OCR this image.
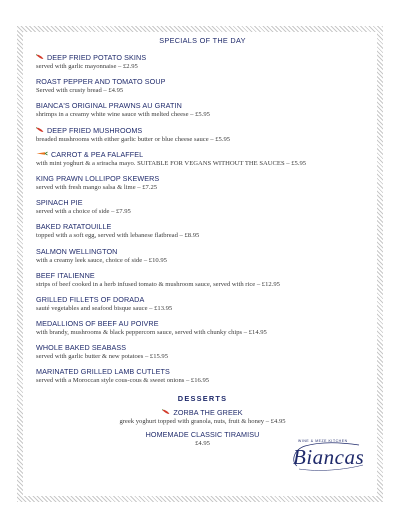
SPECIALS OF THE DAY
DEEP FRIED POTATO SKINS
served with garlic mayonnaise – £2.95
ROAST PEPPER AND TOMATO SOUP
Served with crusty bread – £4.95
BIANCA'S ORIGINAL PRAWNS AU GRATIN
shrimps in a creamy white wine sauce with melted cheese – £5.95
DEEP FRIED MUSHROOMS
breaded mushrooms with either garlic butter or blue cheese sauce – £5.95
CARROT & PEA FALAFFEL
with mint yoghurt & a sriracha mayo. SUITABLE FOR VEGANS WITHOUT THE SAUCES – £5.95
KING PRAWN LOLLIPOP SKEWERS
served with fresh mango salsa & lime – £7.25
SPINACH PIE
served with a choice of side – £7.95
BAKED RATATOUILLE
topped with a soft egg, served with lebanese flatbread – £8.95
SALMON WELLINGTON
with a creamy leek sauce, choice of side – £10.95
BEEF ITALIENNE
strips of beef cooked in a herb infused tomato & mushroom sauce, served with rice – £12.95
GRILLED FILLETS OF DORADA
sauté vegetables and seafood bisque sauce – £13.95
MEDALLIONS OF BEEF AU POIVRE
with brandy, mushrooms & black peppercorn sauce, served with chunky chips – £14.95
WHOLE BAKED SEABASS
served with garlic butter & new potatoes – £15.95
MARINATED GRILLED LAMB CUTLETS
served with a Moroccan style cous-cous & sweet onions – £16.95
DESSERTS
ZORBA THE GREEK
greek yoghurt topped with granola, nuts, fruit & honey – £4.95
HOMEMADE CLASSIC TIRAMISU
£4.95	WINE & MEZE KITCHEN
Biancas
